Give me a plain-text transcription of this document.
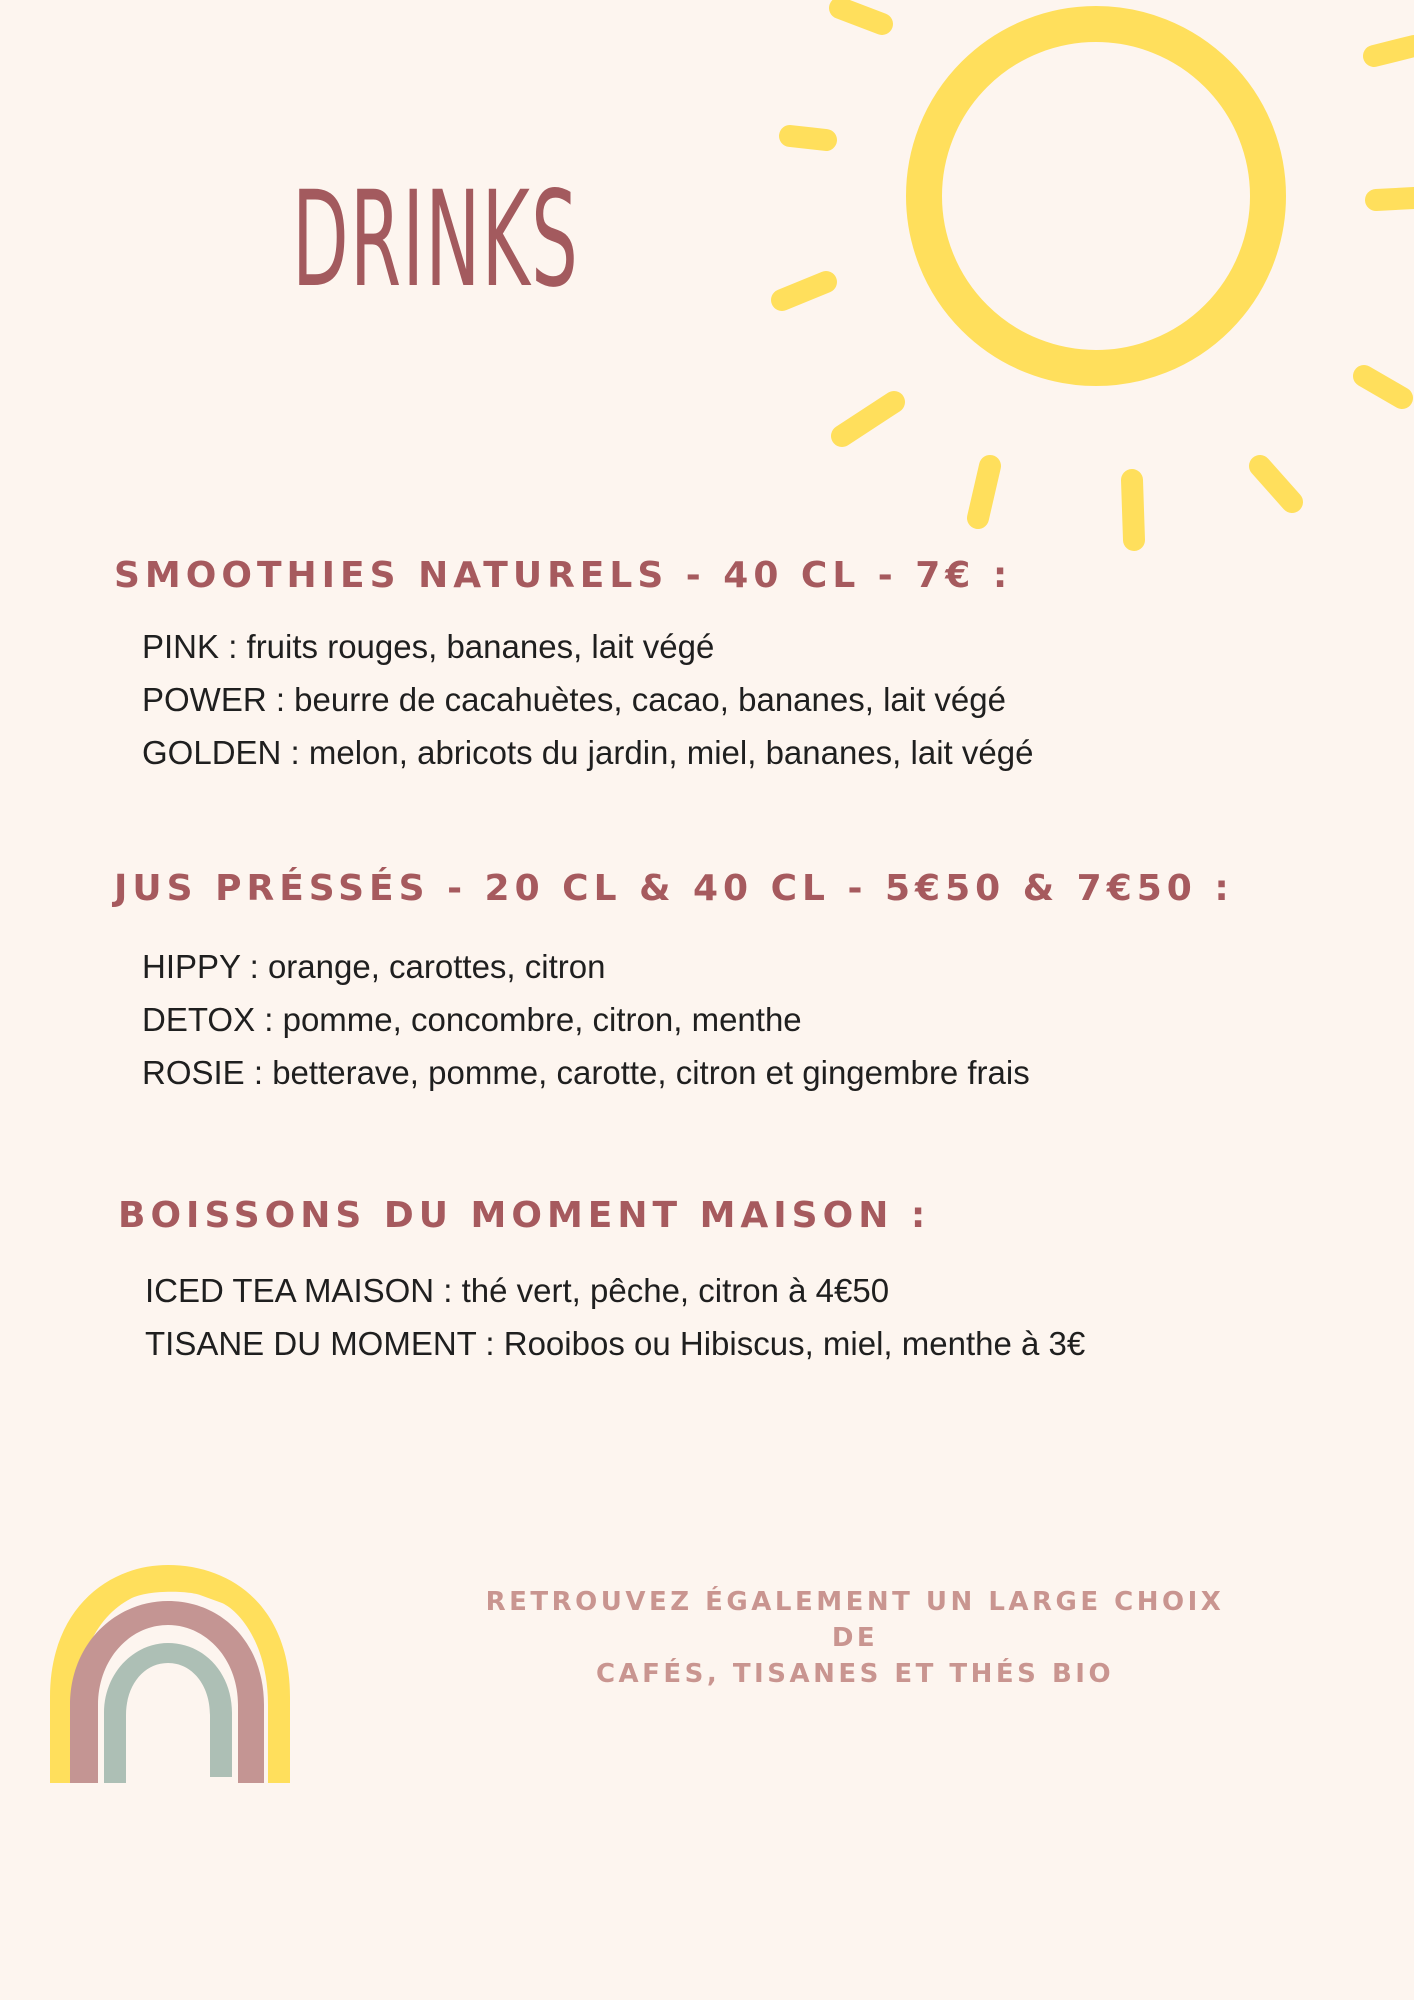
DRINKS
SMOOTHIES NATURELS - 40 CL - 7€ :
PINK : fruits rouges, bananes, lait végé
POWER : beurre de cacahuètes, cacao, bananes, lait végé
GOLDEN : melon, abricots du jardin, miel, bananes, lait végé
JUS PRÉSSÉS - 20 CL & 40 CL - 5€50 & 7€50 :
HIPPY : orange, carottes, citron
DETOX : pomme, concombre, citron, menthe
ROSIE : betterave, pomme, carotte, citron et gingembre frais
BOISSONS DU MOMENT MAISON :
ICED TEA MAISON : thé vert, pêche, citron à 4€50
TISANE DU MOMENT : Rooibos ou Hibiscus, miel, menthe à 3€
RETROUVEZ ÉGALEMENT UN LARGE CHOIX DE
CAFÉS, TISANES ET THÉS BIO
